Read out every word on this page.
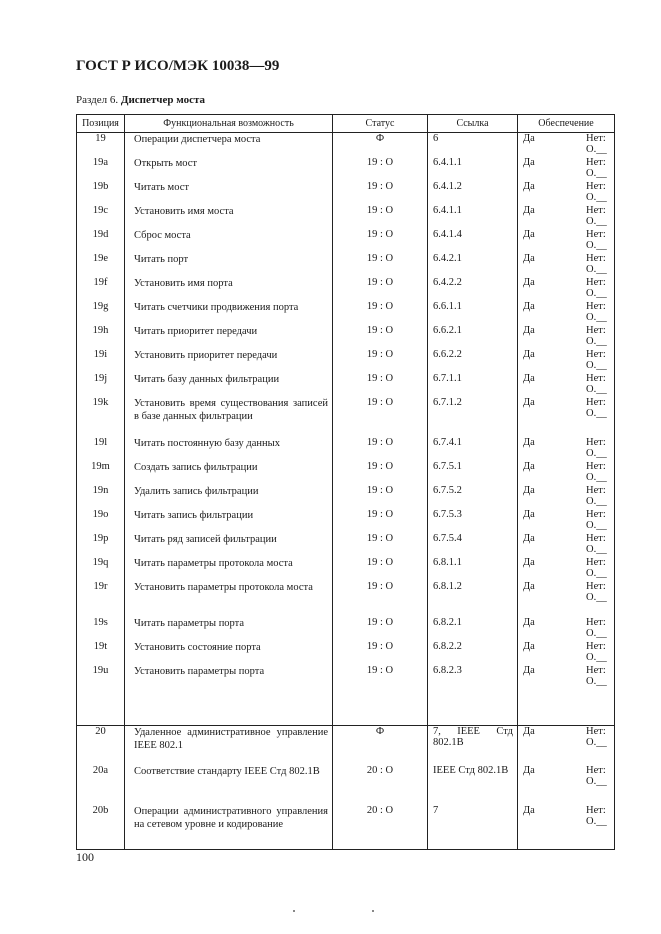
ГОСТ Р ИСО/МЭК 10038—99
Раздел 6. Диспетчер моста
Позиция	Функциональная возможность	Статус	Ссылка	Обеспечение
19	Операции диспетчера моста	Ф	6	Да Нет:
О.__

19a	Открыть мост	19 : О	6.4.1.1	Да Нет:
О.__

19b	Читать мост	19 : О	6.4.1.2	Да Нет:
О.__

19c	Установить имя моста	19 : О	6.4.1.1	Да Нет:
О.__

19d	Сброс моста	19 : О	6.4.1.4	Да Нет:
О.__

19e	Читать порт	19 : О	6.4.2.1	Да Нет:
О.__

19f	Установить имя порта	19 : О	6.4.2.2	Да Нет:
О.__

19g	Читать счетчики продвижения порта	19 : О	6.6.1.1	Да Нет:
О.__

19h	Читать приоритет передачи	19 : О	6.6.2.1	Да Нет:
О.__

19i	Установить приоритет передачи	19 : О	6.6.2.2	Да Нет:
О.__

19j	Читать базу данных фильтрации	19 : О	6.7.1.1	Да Нет:
О.__

19k	Установить время существования записей в базе данных фильтрации	19 : О	6.7.1.2	Да Нет:
О.__

19l	Читать постоянную базу данных	19 : О	6.7.4.1	Да Нет:
О.__

19m	Создать запись фильтрации	19 : О	6.7.5.1	Да Нет:
О.__

19n	Удалить запись фильтрации	19 : О	6.7.5.2	Да Нет:
О.__

19o	Читать запись фильтрации	19 : О	6.7.5.3	Да Нет:
О.__

19p	Читать ряд записей фильтрации	19 : О	6.7.5.4	Да Нет:
О.__

19q	Читать параметры протокола моста	19 : О	6.8.1.1	Да Нет:
О.__

19r	Установить параметры протокола моста	19 : О	6.8.1.2	Да Нет:
О.__

19s	Читать параметры порта	19 : О	6.8.2.1	Да Нет:
О.__

19t	Установить состояние порта	19 : О	6.8.2.2	Да Нет:
О.__

19u	Установить параметры порта	19 : О	6.8.2.3	Да Нет:
О.__

20	Удаленное административное управление IEEE 802.1	Ф	7, IEEE Стд 802.1B	Да Нет:
О.__

20a	Соответствие стандарту IEEE Стд 802.1B	20 : О	IEEE Стд 802.1B	Да Нет:
О.__

20b	Операции административного управления на сетевом уровне и кодирование	20 : О	7	Да Нет:
О.__
100
